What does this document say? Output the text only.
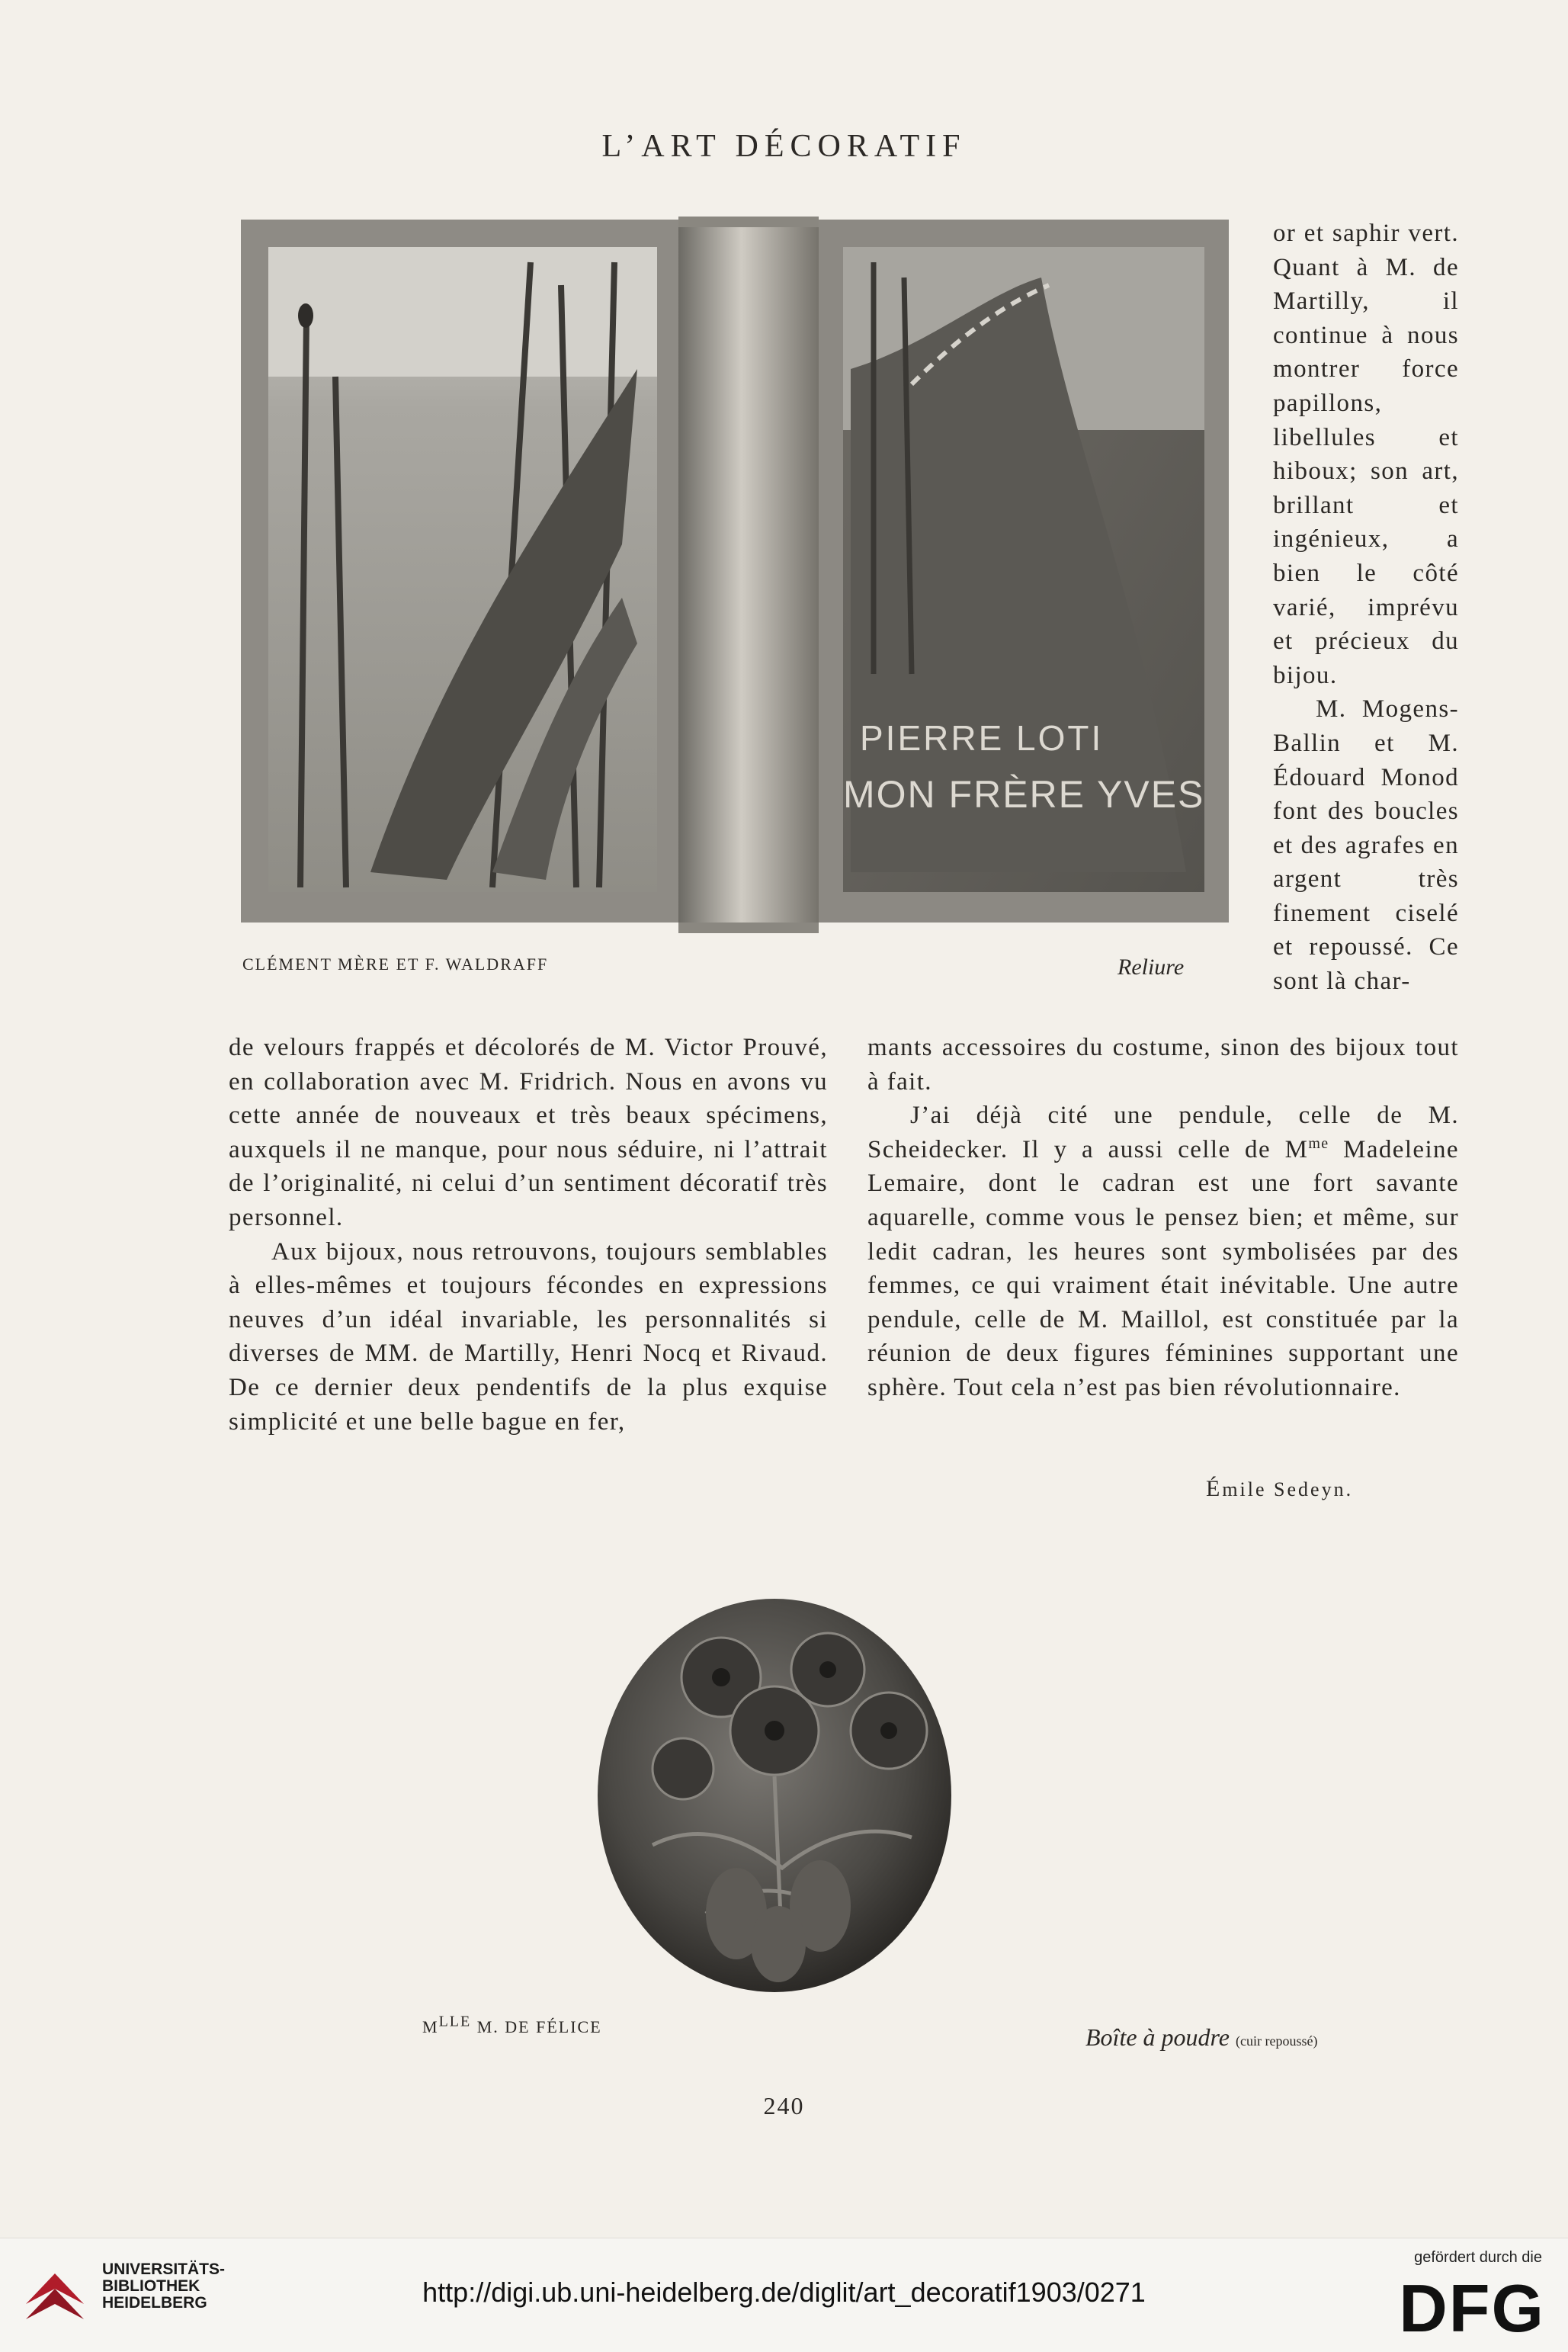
L’ART DÉCORATIF
PIERRE LOTI
MON FRÈRE YVES
CLÉMENT MÈRE ET F. WALDRAFF	Reliure

or et saphir vert. Quant à M. de Martilly, il continue à nous montrer force papillons, libellules et hiboux; son art, brillant et ingénieux, a bien le côté varié, imprévu et précieux du bijou.

M. Mogens-Ballin et M. Édouard Monod font des boucles et des agrafes en argent très finement ciselé et repoussé. Ce sont là char-

de velours frappés et décolorés de M. Victor Prouvé, en collaboration avec M. Fridrich. Nous en avons vu cette année de nouveaux et très beaux spécimens, auxquels il ne manque, pour nous séduire, ni l’attrait de l’originalité, ni celui d’un sentiment décoratif très personnel.

Aux bijoux, nous retrouvons, toujours semblables à elles-mêmes et toujours fécondes en expressions neuves d’un idéal invariable, les personnalités si diverses de MM. de Martilly, Henri Nocq et Rivaud. De ce dernier deux pendentifs de la plus exquise simplicité et une belle bague en fer,

mants accessoires du costume, sinon des bijoux tout à fait.

J’ai déjà cité une pendule, celle de M. Scheidecker. Il y a aussi celle de $M^{me}$ Madeleine Lemaire, dont le cadran est une fort savante aquarelle, comme vous le pensez bien; et même, sur ledit cadran, les heures sont symbolisées par des femmes, ce qui vraiment était inévitable. Une autre pendule, celle de M. Maillol, est constituée par la réunion de deux figures féminines supportant une sphère. Tout cela n’est pas bien révolutionnaire.

Émile Sedeyn.
MLLE M. DE FÉLICE	Boîte à poudre (cuir repoussé)
240
UNIVERSITÄTS-
BIBLIOTHEK
HEIDELBERG	http://digi.ub.uni-heidelberg.de/diglit/art_decoratif1903/0271
gefördert durch die
DFG
